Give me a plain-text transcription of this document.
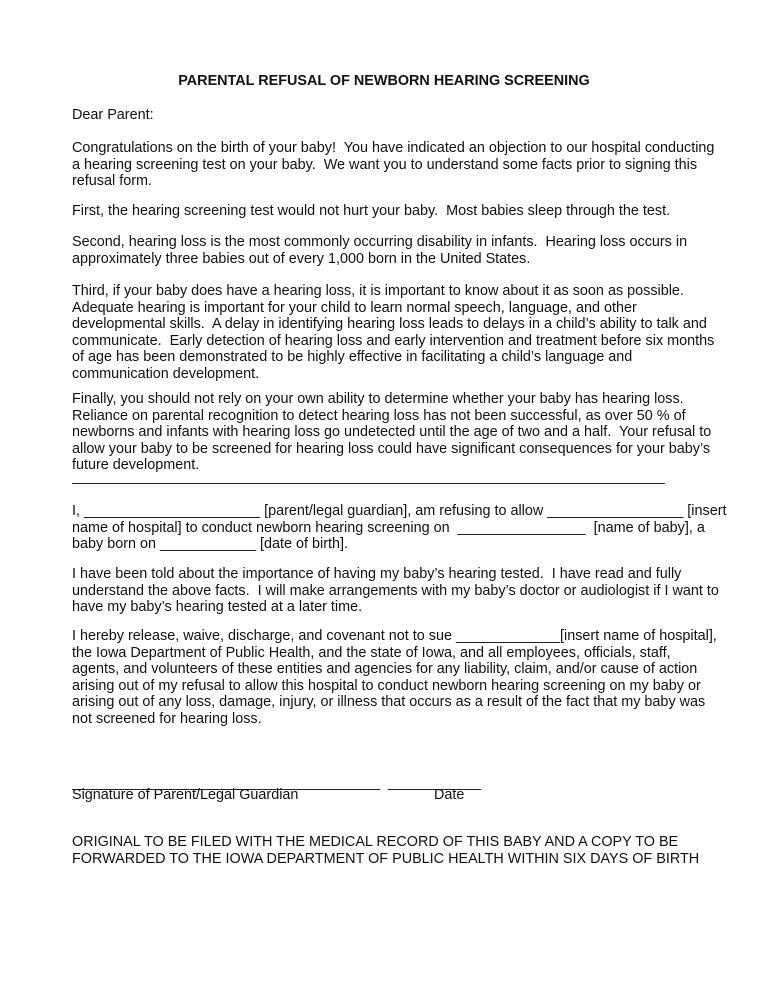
PARENTAL REFUSAL OF NEWBORN HEARING SCREENING
Dear Parent:
Congratulations on the birth of your baby!  You have indicated an objection to our hospital conducting
a hearing screening test on your baby.  We want you to understand some facts prior to signing this
refusal form.
First, the hearing screening test would not hurt your baby.  Most babies sleep through the test.
Second, hearing loss is the most commonly occurring disability in infants.  Hearing loss occurs in
approximately three babies out of every 1,000 born in the United States.
Third, if your baby does have a hearing loss, it is important to know about it as soon as possible.
Adequate hearing is important for your child to learn normal speech, language, and other
developmental skills.  A delay in identifying hearing loss leads to delays in a child’s ability to talk and
communicate.  Early detection of hearing loss and early intervention and treatment before six months
of age has been demonstrated to be highly effective in facilitating a child’s language and
communication development.
Finally, you should not rely on your own ability to determine whether your baby has hearing loss.
Reliance on parental recognition to detect hearing loss has not been successful, as over 50 % of
newborns and infants with hearing loss go undetected until the age of two and a half.  Your refusal to
allow your baby to be screened for hearing loss could have significant consequences for your baby’s
future development.
I, ______________________ [parent/legal guardian], am refusing to allow _________________ [insert
name of hospital] to conduct newborn hearing screening on  ________________  [name of baby], a
baby born on ____________ [date of birth].
I have been told about the importance of having my baby’s hearing tested.  I have read and fully
understand the above facts.  I will make arrangements with my baby’s doctor or audiologist if I want to
have my baby’s hearing tested at a later time.
I hereby release, waive, discharge, and covenant not to sue _____________[insert name of hospital],
the Iowa Department of Public Health, and the state of Iowa, and all employees, officials, staff,
agents, and volunteers of these entities and agencies for any liability, claim, and/or cause of action
arising out of my refusal to allow this hospital to conduct newborn hearing screening on my baby or
arising out of any loss, damage, injury, or illness that occurs as a result of the fact that my baby was
not screened for hearing loss.
Signature of Parent/Legal Guardian	Date
ORIGINAL TO BE FILED WITH THE MEDICAL RECORD OF THIS BABY AND A COPY TO BE
FORWARDED TO THE IOWA DEPARTMENT OF PUBLIC HEALTH WITHIN SIX DAYS OF BIRTH
